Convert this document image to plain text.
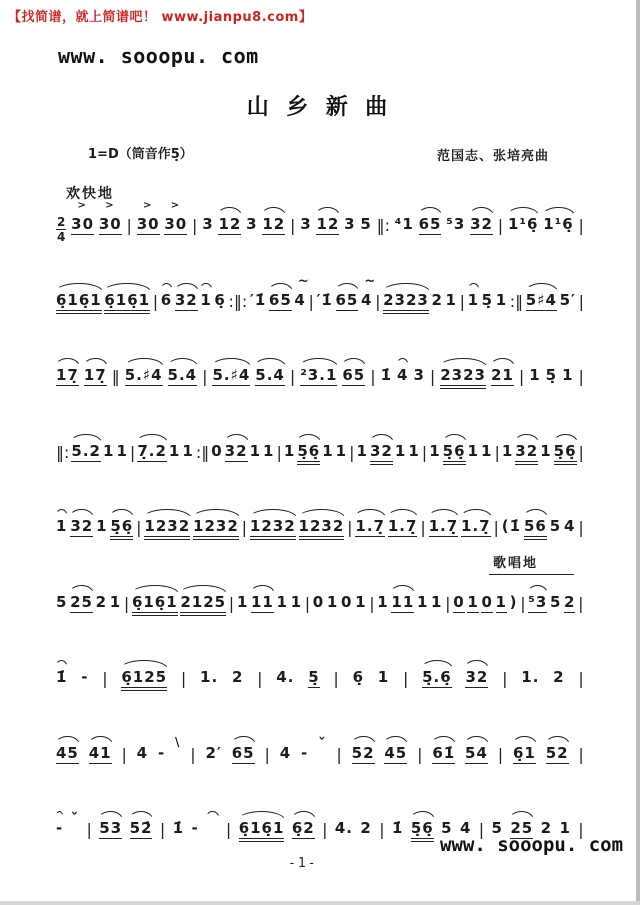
【找简谱，就上简谱吧！ www.jianpu8.com】
www. sooopu. com
山 乡 新 曲
1=D（筒音作5̣）	范国志、张培亮曲
欢快地
歌唱地
2
4
30 > 30 > | 30 > 30 > | 3 12 3 12 | 3 12 3 5 ‖: ⁴1 65 ⁵3 32 | 1¹6̣ 1¹6̣ |
6̣16̣1 6̣16̣1 | 6 32 1 6̣ :‖: ′1̇ 65 4 ~ | ′1̇ 65 4 ~ | 2323 2 1 | 1 5̣ 1 :‖ 5♯4 5′ |
17̣ 17̣ ‖ 5.♯4 5.4 | 5.♯4 5.4 | ²3.1 65 | 1̇ 4 3 | 2323 21 | 1 5̣ 1 |
‖: 5.2 1 1 | 7̣.2 1 1 :‖ 0 32 1 1 | 1 5̣6̣ 1 1 | 1 32 1 1 | 1 5̣6̣ 1 1 | 1 32 1 5̣6̣ |
1 32 1 5̣6̣ | 1232 1232 | 1232 1232 | 1.7̣ 1.7̣ | 1.7̣ 1.7̣ | (1̇ 56 5 4 |
5 25 2 1 | 6̣16̣1 2125 | 1 11 1 1 | 0 1 0 1 | 1 11 1 1 | 0 1 0 1 ) | ⁵3 5 2 |
1̇ - | 6̣125 | 1. 2 | 4. 5̣ | 6̣ 1 | 5̣.6̣ 32 | 1. 2 |
45 41 | 4 -
\
| 2′ 65 | 4 - ˇ
| 52 45 | 61̇ 54 | 6̣1 52 |
- ˇ
| 53 52̇ | 1̇ -
| 6̣16̣1 6̣2 | 4. 2 | 1̇ 5̣6̣ 5 4 | 5 25 2 1 |
-1-
www. sooopu. com
